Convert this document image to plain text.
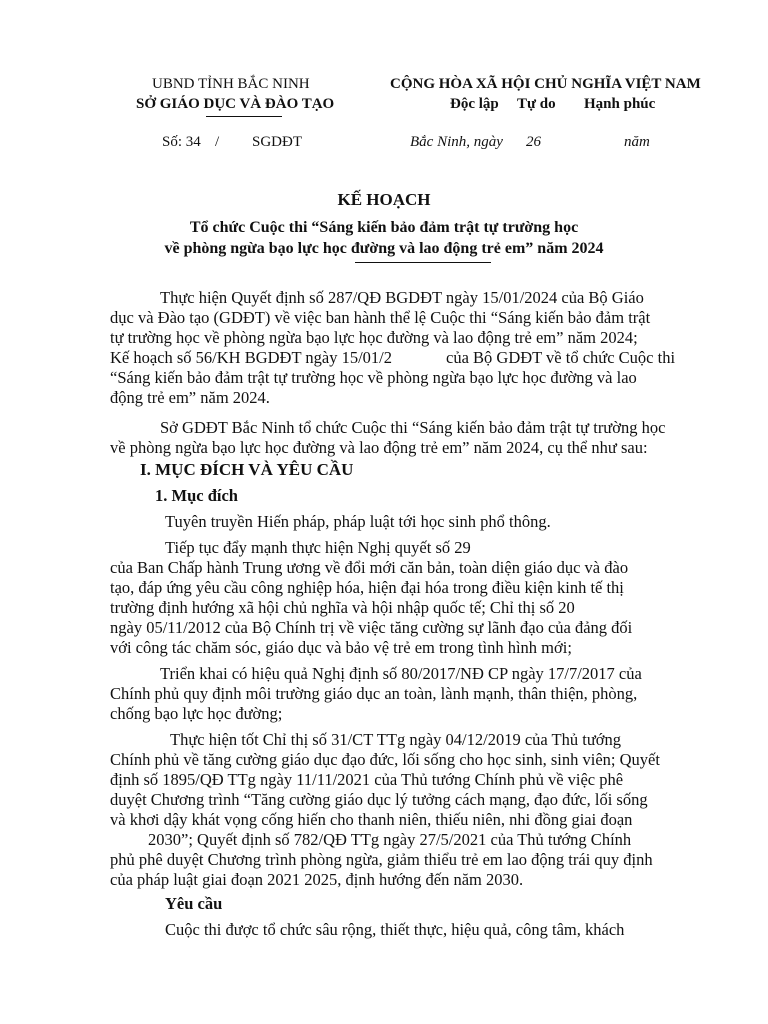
UBND TỈNH BẮC NINH
SỞ GIÁO DỤC VÀ ĐÀO TẠO
CỘNG HÒA XÃ HỘI CHỦ NGHĨA VIỆT NAM
Độc lập Tự do Hạnh phúc
Số: 34 / SGDĐT	Bắc Ninh, ngày 26	năm
KẾ HOẠCH
Tổ chức Cuộc thi “Sáng kiến bảo đảm trật tự trường học
về phòng ngừa bạo lực học đường và lao động trẻ em” năm 2024
Thực hiện Quyết định số 287/QĐ BGDĐT ngày 15/01/2024 của Bộ Giáo
dục và Đào tạo (GDĐT) về việc ban hành thể lệ Cuộc thi “Sáng kiến bảo đảm trật
tự trường học về phòng ngừa bạo lực học đường và lao động trẻ em” năm 2024;
Kế hoạch số 56/KH BGDĐT ngày 15/01/2	của Bộ GDĐT về tổ chức Cuộc thi
“Sáng kiến bảo đảm trật tự trường học về phòng ngừa bạo lực học đường và lao
động trẻ em” năm 2024.
Sở GDĐT Bắc Ninh tổ chức Cuộc thi “Sáng kiến bảo đảm trật tự trường học
về phòng ngừa bạo lực học đường và lao động trẻ em” năm 2024, cụ thể như sau:
I. MỤC ĐÍCH VÀ YÊU CẦU
1. Mục đích
Tuyên truyền Hiến pháp, pháp luật tới học sinh phổ thông.
Tiếp tục đẩy mạnh thực hiện Nghị quyết số 29
của Ban Chấp hành Trung ương về đổi mới căn bản, toàn diện giáo dục và đào
tạo, đáp ứng yêu cầu công nghiệp hóa, hiện đại hóa trong điều kiện kinh tế thị
trường định hướng xã hội chủ nghĩa và hội nhập quốc tế; Chỉ thị số 20
ngày 05/11/2012 của Bộ Chính trị về việc tăng cường sự lãnh đạo của đảng đối
với công tác chăm sóc, giáo dục và bảo vệ trẻ em trong tình hình mới;
Triển khai có hiệu quả Nghị định số 80/2017/NĐ CP ngày 17/7/2017 của
Chính phủ quy định môi trường giáo dục an toàn, lành mạnh, thân thiện, phòng,
chống bạo lực học đường;
Thực hiện tốt Chỉ thị số 31/CT TTg ngày 04/12/2019 của Thủ tướng
Chính phủ về tăng cường giáo dục đạo đức, lối sống cho học sinh, sinh viên; Quyết
định số 1895/QĐ TTg ngày 11/11/2021 của Thủ tướng Chính phủ về việc phê
duyệt Chương trình “Tăng cường giáo dục lý tưởng cách mạng, đạo đức, lối sống
và khơi dậy khát vọng cống hiến cho thanh niên, thiếu niên, nhi đồng giai đoạn
2030”; Quyết định số 782/QĐ TTg ngày 27/5/2021 của Thủ tướng Chính
phủ phê duyệt Chương trình phòng ngừa, giảm thiểu trẻ em lao động trái quy định
của pháp luật giai đoạn 2021 2025, định hướng đến năm 2030.
Yêu cầu
Cuộc thi được tổ chức sâu rộng, thiết thực, hiệu quả, công tâm, khách
